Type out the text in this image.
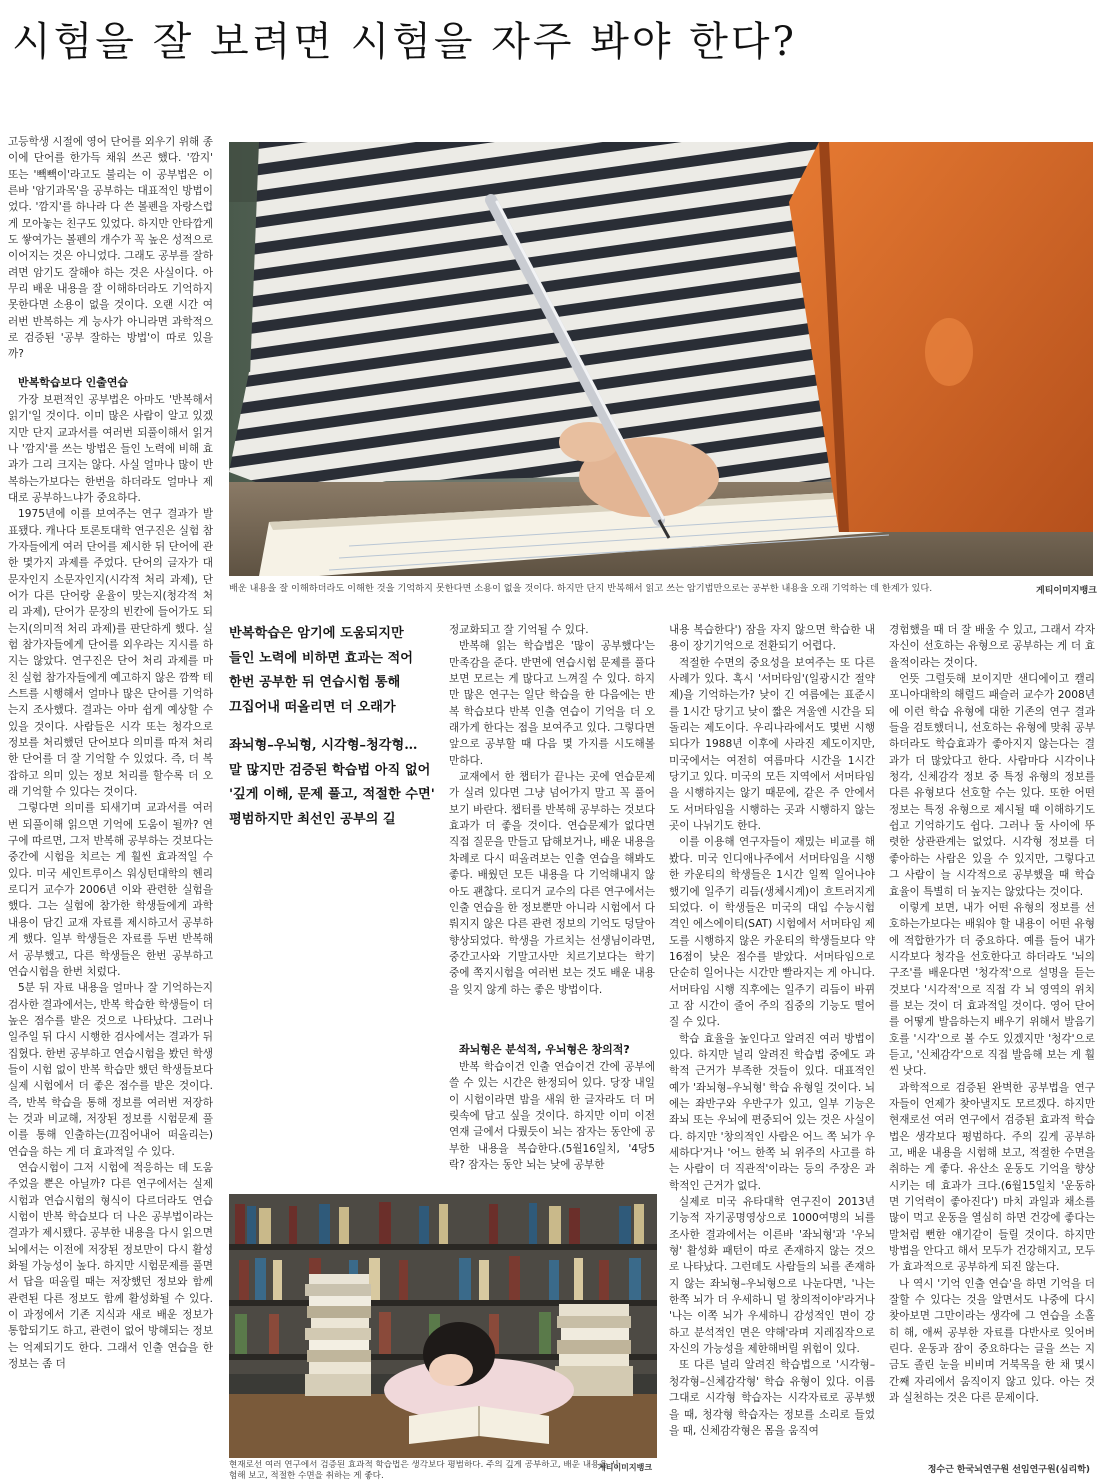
시험을 잘 보려면 시험을 자주 봐야 한다?

고등학생 시절에 영어 단어를 외우기 위해 종이에 단어를 한가득 채워 쓰곤 했다. '깜지' 또는 '빽빽이'라고도 불리는 이 공부법은 이른바 '암기과목'을 공부하는 대표적인 방법이었다. '깜지'를 하나라 다 쓴 볼펜을 자랑스럽게 모아놓는 친구도 있었다. 하지만 안타깝게도 쌓여가는 볼펜의 개수가 꼭 높은 성적으로 이어지는 것은 아니었다. 그래도 공부를 잘하려면 암기도 잘해야 하는 것은 사실이다. 아무리 배운 내용을 잘 이해하더라도 기억하지 못한다면 소용이 없을 것이다. 오랜 시간 여러번 반복하는 게 능사가 아니라면 과학적으로 검증된 '공부 잘하는 방법'이 따로 있을까?

반복학습보다 인출연습

가장 보편적인 공부법은 아마도 '반복해서 읽기'일 것이다. 이미 많은 사람이 알고 있겠지만 단지 교과서를 여러번 되풀이해서 읽거나 '깜지'를 쓰는 방법은 들인 노력에 비해 효과가 그리 크지는 않다. 사실 얼마나 많이 반복하는가보다는 한번을 하더라도 얼마나 제대로 공부하느냐가 중요하다.

1975년에 이를 보여주는 연구 결과가 발표됐다. 캐나다 토론토대학 연구진은 실험 참가자들에게 여러 단어를 제시한 뒤 단어에 관한 몇가지 과제를 주었다. 단어의 글자가 대문자인지 소문자인지(시각적 처리 과제), 단어가 다른 단어랑 운율이 맞는지(청각적 처리 과제), 단어가 문장의 빈칸에 들어가도 되는지(의미적 처리 과제)를 판단하게 했다. 실험 참가자들에게 단어를 외우라는 지시를 하지는 않았다. 연구진은 단어 처리 과제를 마친 실험 참가자들에게 예고하지 않은 깜짝 테스트를 시행해서 얼마나 많은 단어를 기억하는지 조사했다. 결과는 아마 쉽게 예상할 수 있을 것이다. 사람들은 시각 또는 청각으로 정보를 처리했던 단어보다 의미를 따져 처리한 단어를 더 잘 기억할 수 있었다. 즉, 더 복잡하고 의미 있는 정보 처리를 할수록 더 오래 기억할 수 있다는 것이다.

그렇다면 의미를 되새기며 교과서를 여러번 되풀이해 읽으면 기억에 도움이 될까? 연구에 따르면, 그저 반복해 공부하는 것보다는 중간에 시험을 치르는 게 훨씬 효과적일 수 있다. 미국 세인트루이스 워싱턴대학의 헨리 로디거 교수가 2006년 이와 관련한 실험을 했다. 그는 실험에 참가한 학생들에게 과학 내용이 담긴 교재 자료를 제시하고서 공부하게 했다. 일부 학생들은 자료를 두번 반복해서 공부했고, 다른 학생들은 한번 공부하고 연습시험을 한번 치렀다.

5분 뒤 자료 내용을 얼마나 잘 기억하는지 검사한 결과에서는, 반복 학습한 학생들이 더 높은 점수를 받은 것으로 나타났다. 그러나 일주일 뒤 다시 시행한 검사에서는 결과가 뒤집혔다. 한번 공부하고 연습시험을 봤던 학생들이 시험 없이 반복 학습만 했던 학생들보다 실제 시험에서 더 좋은 점수를 받은 것이다. 즉, 반복 학습을 통해 정보를 여러번 저장하는 것과 비교해, 저장된 정보를 시험문제 풀이를 통해 인출하는(끄집어내어 떠올리는) 연습을 하는 게 더 효과적일 수 있다.

연습시험이 그저 시험에 적응하는 데 도움 주었을 뿐은 아닐까? 다른 연구에서는 실제 시험과 연습시험의 형식이 다르더라도 연습시험이 반복 학습보다 더 나은 공부법이라는 결과가 제시됐다. 공부한 내용을 다시 읽으면 뇌에서는 이전에 저장된 정보만이 다시 활성화될 가능성이 높다. 하지만 시험문제를 풀면서 답을 떠올릴 때는 저장했던 정보와 함께 관련된 다른 정보도 함께 활성화될 수 있다. 이 과정에서 기존 지식과 새로 배운 정보가 통합되기도 하고, 관련이 없어 방해되는 정보는 억제되기도 한다. 그래서 인출 연습을 한 정보는 좀 더

배운 내용을 잘 이해하더라도 이해한 것을 기억하지 못한다면 소용이 없을 것이다. 하지만 단지 반복해서 읽고 쓰는 암기법만으로는 공부한 내용을 오래 기억하는 데 한계가 있다.	게티이미지뱅크
반복학습은 암기에 도움되지만
들인 노력에 비하면 효과는 적어
한번 공부한 뒤 연습시험 통해
끄집어내 떠올리면 더 오래가
좌뇌형–우뇌형, 시각형–청각형…
말 많지만 검증된 학습법 아직 없어
'깊게 이해, 문제 풀고, 적절한 수면'
평범하지만 최선인 공부의 길

정교화되고 잘 기억될 수 있다.

반복해 읽는 학습법은 '많이 공부했다'는 만족감을 준다. 반면에 연습시험 문제를 풀다 보면 모르는 게 많다고 느껴질 수 있다. 하지만 많은 연구는 일단 학습을 한 다음에는 반복 학습보다 반복 인출 연습이 기억을 더 오래가게 한다는 점을 보여주고 있다. 그렇다면 앞으로 공부할 때 다음 몇 가지를 시도해볼 만하다.

교재에서 한 챕터가 끝나는 곳에 연습문제가 실려 있다면 그냥 넘어가지 말고 꼭 풀어보기 바란다. 챕터를 반복해 공부하는 것보다 효과가 더 좋을 것이다. 연습문제가 없다면 직접 질문을 만들고 답해보거나, 배운 내용을 차례로 다시 떠올려보는 인출 연습을 해봐도 좋다. 배웠던 모든 내용을 다 기억해내지 않아도 괜찮다. 로디거 교수의 다른 연구에서는 인출 연습을 한 정보뿐만 아니라 시험에서 다뤄지지 않은 다른 관련 정보의 기억도 덩달아 향상되었다. 학생을 가르치는 선생님이라면, 중간고사와 기말고사만 치르기보다는 학기 중에 쪽지시험을 여러번 보는 것도 배운 내용을 잊지 않게 하는 좋은 방법이다.

좌뇌형은 분석적, 우뇌형은 창의적?

반복 학습이건 인출 연습이건 간에 공부에 쓸 수 있는 시간은 한정되어 있다. 당장 내일이 시험이라면 밤을 새워 한 글자라도 더 머릿속에 담고 싶을 것이다. 하지만 이미 이전 연재 글에서 다뤘듯이 뇌는 잠자는 동안에 공부한 내용을 복습한다.(5월16일치, '4당5락? 잠자는 동안 뇌는 낮에 공부한

내용 복습한다') 잠을 자지 않으면 학습한 내용이 장기기억으로 전환되기 어렵다.

적절한 수면의 중요성을 보여주는 또 다른 사례가 있다. 혹시 '서머타임'(일광시간 절약제)을 기억하는가? 낮이 긴 여름에는 표준시를 1시간 당기고 낮이 짧은 겨울엔 시간을 되돌리는 제도이다. 우리나라에서도 몇번 시행되다가 1988년 이후에 사라진 제도이지만, 미국에서는 여전히 여름마다 시간을 1시간 당기고 있다. 미국의 모든 지역에서 서머타임을 시행하지는 않기 때문에, 같은 주 안에서도 서머타임을 시행하는 곳과 시행하지 않는 곳이 나뉘기도 한다.

이를 이용해 연구자들이 재밌는 비교를 해봤다. 미국 인디애나주에서 서머타임을 시행한 카운티의 학생들은 1시간 일찍 일어나야 했기에 일주기 리듬(생체시계)이 흐트러지게 되었다. 이 학생들은 미국의 대입 수능시험 격인 에스에이티(SAT) 시험에서 서머타임 제도를 시행하지 않은 카운티의 학생들보다 약 16점이 낮은 점수를 받았다. 서머타임으로 단순히 일어나는 시간만 빨라지는 게 아니다. 서머타임 시행 직후에는 일주기 리듬이 바뀌고 잠 시간이 줄어 주의 집중의 기능도 떨어질 수 있다.

학습 효율을 높인다고 알려진 여러 방법이 있다. 하지만 널리 알려진 학습법 중에도 과학적 근거가 부족한 것들이 있다. 대표적인 예가 '좌뇌형–우뇌형' 학습 유형일 것이다. 뇌에는 좌반구와 우반구가 있고, 일부 기능은 좌뇌 또는 우뇌에 편중되어 있는 것은 사실이다. 하지만 '창의적인 사람은 어느 쪽 뇌가 우세하다'거나 '어느 한쪽 뇌 위주의 사고를 하는 사람이 더 직관적'이라는 등의 주장은 과학적인 근거가 없다.

실제로 미국 유타대학 연구진이 2013년 기능적 자기공명영상으로 1000여명의 뇌를 조사한 결과에서는 이른바 '좌뇌형'과 '우뇌형' 활성화 패턴이 따로 존재하지 않는 것으로 나타났다. 그런데도 사람들의 뇌를 존재하지 않는 좌뇌형–우뇌형으로 나눈다면, '나는 한쪽 뇌가 더 우세하니 덜 창의적이야'라거나 '나는 이쪽 뇌가 우세하니 감성적인 면이 강하고 분석적인 면은 약해'라며 지레짐작으로 자신의 가능성을 제한해버릴 위험이 있다.

또 다른 널리 알려진 학습법으로 '시각형–청각형–신체감각형' 학습 유형이 있다. 이름 그대로 시각형 학습자는 시각자료로 공부했을 때, 청각형 학습자는 정보를 소리로 들었을 때, 신체감각형은 몸을 움직여

경험했을 때 더 잘 배울 수 있고, 그래서 각자 자신이 선호하는 유형으로 공부하는 게 더 효율적이라는 것이다.

언뜻 그럴듯해 보이지만 샌디에이고 캘리포니아대학의 해럴드 패슬러 교수가 2008년에 이런 학습 유형에 대한 기존의 연구 결과들을 검토했더니, 선호하는 유형에 맞춰 공부하더라도 학습효과가 좋아지지 않는다는 결과가 더 많았다고 한다. 사람마다 시각이나 청각, 신체감각 정보 중 특정 유형의 정보를 다른 유형보다 선호할 수는 있다. 또한 어떤 정보는 특정 유형으로 제시될 때 이해하기도 쉽고 기억하기도 쉽다. 그러나 둘 사이에 뚜렷한 상관관계는 없었다. 시각형 정보를 더 좋아하는 사람은 있을 수 있지만, 그렇다고 그 사람이 늘 시각적으로 공부했을 때 학습 효율이 특별히 더 높지는 않았다는 것이다.

이렇게 보면, 내가 어떤 유형의 정보를 선호하는가보다는 배워야 할 내용이 어떤 유형에 적합한가가 더 중요하다. 예를 들어 내가 시각보다 청각을 선호한다고 하더라도 '뇌의 구조'를 배운다면 '청각적'으로 설명을 듣는 것보다 '시각적'으로 직접 각 뇌 영역의 위치를 보는 것이 더 효과적일 것이다. 영어 단어를 어떻게 발음하는지 배우기 위해서 발음기호를 '시각'으로 볼 수도 있겠지만 '청각'으로 듣고, '신체감각'으로 직접 발음해 보는 게 훨씬 낫다.

과학적으로 검증된 완벽한 공부법을 연구자들이 언제가 찾아낼지도 모르겠다. 하지만 현재로선 여러 연구에서 검증된 효과적 학습법은 생각보다 평범하다. 주의 깊게 공부하고, 배운 내용을 시험해 보고, 적절한 수면을 취하는 게 좋다. 유산소 운동도 기억을 향상시키는 데 효과가 크다.(6월15일치 '운동하면 기억력이 좋아진다') 마치 과일과 채소를 많이 먹고 운동을 열심히 하면 건강에 좋다는 말처럼 뻔한 얘기같이 들릴 것이다. 하지만 방법을 안다고 해서 모두가 건강해지고, 모두가 효과적으로 공부하게 되진 않는다.

나 역시 '기억 인출 연습'을 하면 기억을 더 잘할 수 있다는 것을 알면서도 나중에 다시 찾아보면 그만이라는 생각에 그 연습을 소홀히 해, 애써 공부한 자료를 다반사로 잊어버린다. 운동과 잠이 중요하다는 글을 쓰는 지금도 졸린 눈을 비비며 거북목을 한 채 몇시간째 자리에서 움직이지 않고 있다. 아는 것과 실천하는 것은 다른 문제이다.

현재로선 여러 연구에서 검증된 효과적 학습법은 생각보다 평범하다. 주의 깊게 공부하고, 배운 내용을 시험해 보고, 적절한 수면을 취하는 게 좋다.
게티이미지뱅크	정수근 한국뇌연구원 선임연구원(심리학)
